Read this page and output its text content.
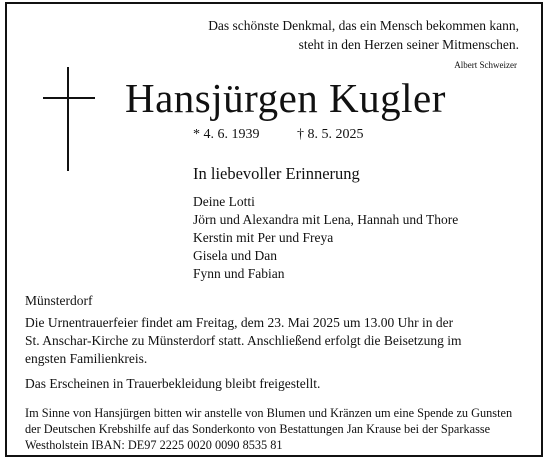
Das schönste Denkmal, das ein Mensch bekommen kann,
steht in den Herzen seiner Mitmenschen.
Albert Schweizer
Hansjürgen Kugler
* 4. 6. 1939	† 8. 5. 2025
In liebevoller Erinnerung
Deine Lotti
Jörn und Alexandra mit Lena, Hannah und Thore
Kerstin mit Per und Freya
Gisela und Dan
Fynn und Fabian
Münsterdorf
Die Urnentrauerfeier findet am Freitag, dem 23. Mai 2025 um 13.00 Uhr in der
St. Anschar-Kirche zu Münsterdorf statt. Anschließend erfolgt die Beisetzung im
engsten Familienkreis.
Das Erscheinen in Trauerbekleidung bleibt freigestellt.
Im Sinne von Hansjürgen bitten wir anstelle von Blumen und Kränzen um eine Spende zu Gunsten
der Deutschen Krebshilfe auf das Sonderkonto von Bestattungen Jan Krause bei der Sparkasse
Westholstein IBAN: DE97 2225 0020 0090 8535 81
